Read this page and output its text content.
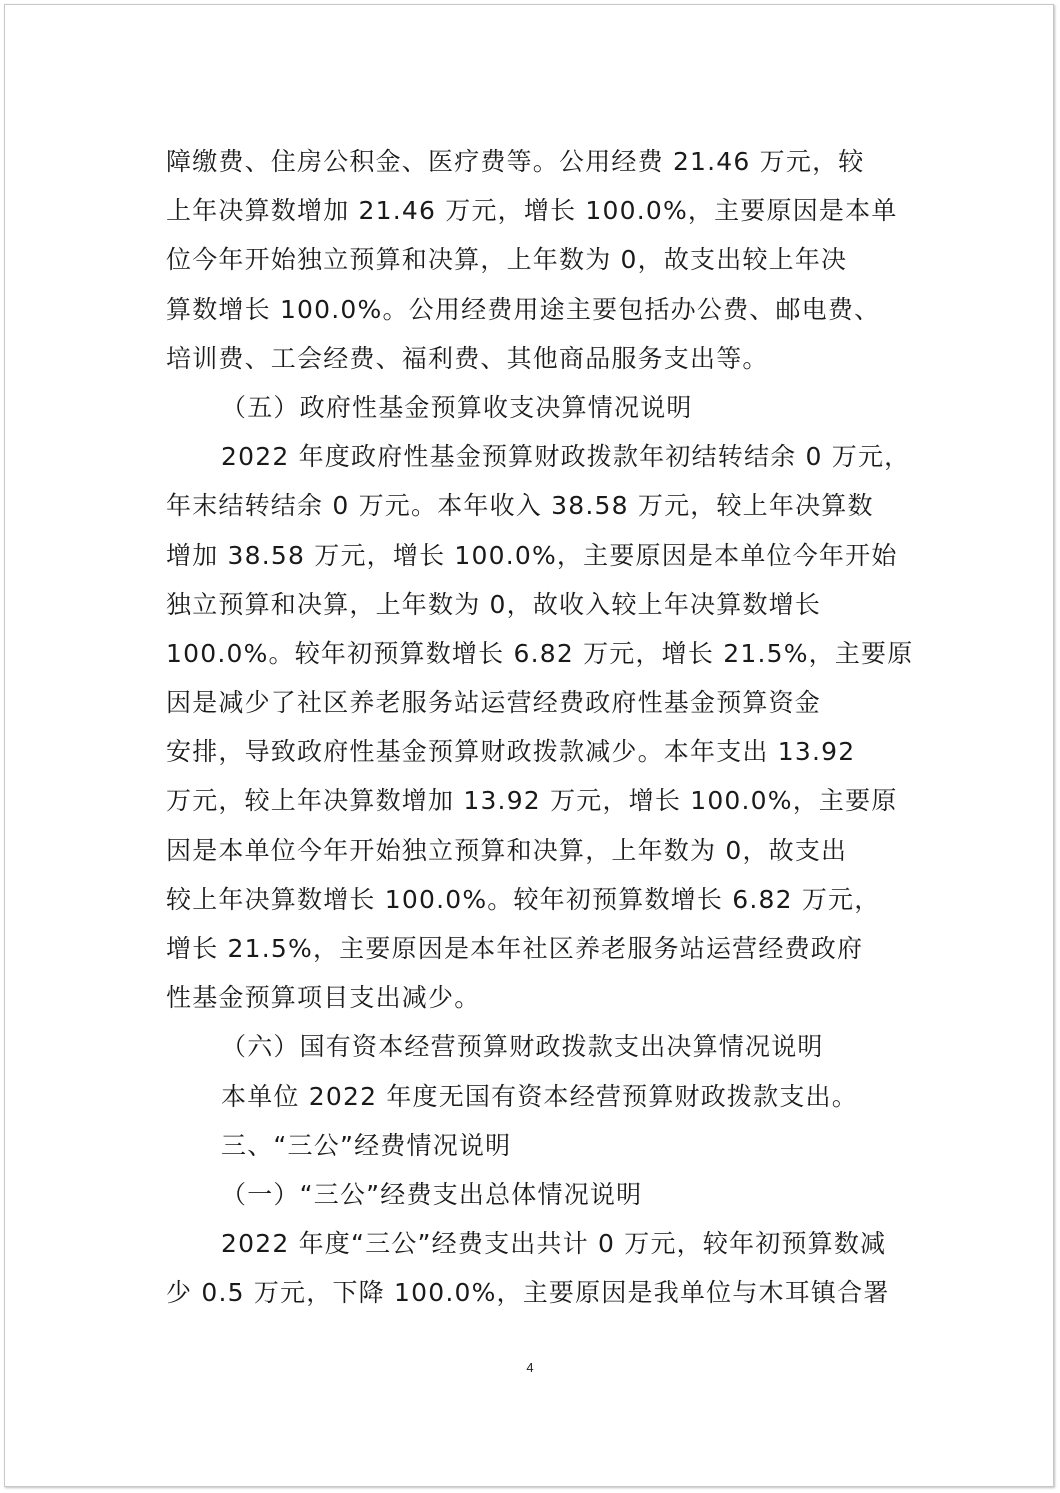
障缴费、住房公积金、医疗费等。公用经费 21.46 万元，较
上年决算数增加 21.46 万元，增长 100.0%，主要原因是本单
位今年开始独立预算和决算，上年数为 0，故支出较上年决
算数增长 100.0%。公用经费用途主要包括办公费、邮电费、
培训费、工会经费、福利费、其他商品服务支出等。
（五）政府性基金预算收支决算情况说明
2022 年度政府性基金预算财政拨款年初结转结余 0 万元，
年末结转结余 0 万元。本年收入 38.58 万元，较上年决算数
增加 38.58 万元，增长 100.0%，主要原因是本单位今年开始
独立预算和决算，上年数为 0，故收入较上年决算数增长
100.0%。较年初预算数增长 6.82 万元，增长 21.5%，主要原
因是减少了社区养老服务站运营经费政府性基金预算资金
安排，导致政府性基金预算财政拨款减少。本年支出 13.92
万元，较上年决算数增加 13.92 万元，增长 100.0%，主要原
因是本单位今年开始独立预算和决算，上年数为 0，故支出
较上年决算数增长 100.0%。较年初预算数增长 6.82 万元，
增长 21.5%，主要原因是本年社区养老服务站运营经费政府
性基金预算项目支出减少。
（六）国有资本经营预算财政拨款支出决算情况说明
本单位 2022 年度无国有资本经营预算财政拨款支出。
三、“三公”经费情况说明
（一）“三公”经费支出总体情况说明
2022 年度“三公”经费支出共计 0 万元，较年初预算数减
少 0.5 万元，下降 100.0%，主要原因是我单位与木耳镇合署
4
